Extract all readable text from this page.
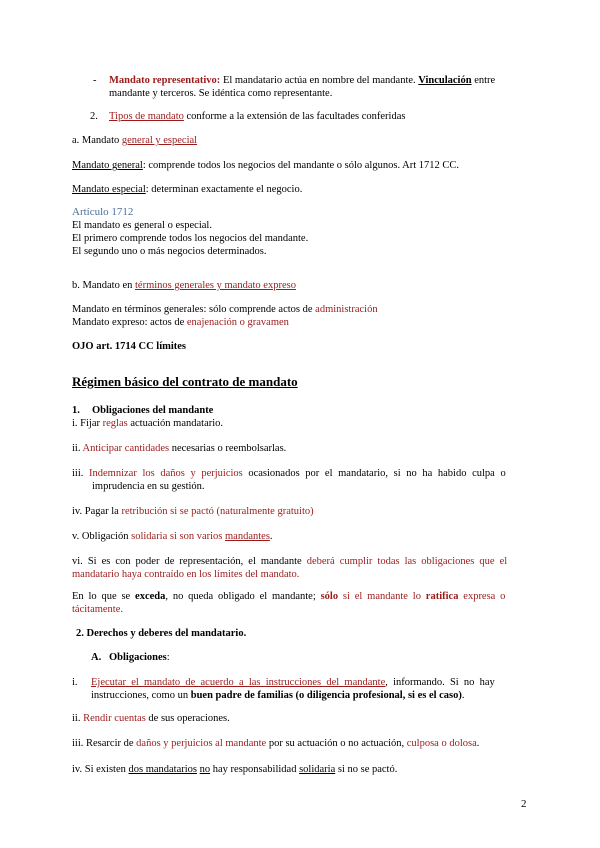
- Mandato representativo: El mandatario actúa en nombre del mandante. Vinculación entre
mandante y terceros. Se idéntica como representante.
2. Tipos de mandato conforme a la extensión de las facultades conferidas
a. Mandato general y especial
Mandato general: comprende todos los negocios del mandante o sólo algunos. Art 1712 CC.
Mandato especial: determinan exactamente el negocio.
Artículo 1712
El mandato es general o especial.
El primero comprende todos los negocios del mandante.
El segundo uno o más negocios determinados.
b. Mandato en términos generales y mandato expreso
Mandato en términos generales: sólo comprende actos de administración
Mandato expreso: actos de enajenación o gravamen
OJO art. 1714 CC límites
Régimen básico del contrato de mandato
1. Obligaciones del mandante
i. Fijar reglas actuación mandatario.
ii. Anticipar cantidades necesarias o reembolsarlas.
iii. Indemnizar los daños y perjuicios ocasionados por el mandatario, si no ha habido culpa o
imprudencia en su gestión.
iv. Pagar la retribución si se pactó (naturalmente gratuito)
v. Obligación solidaria si son varios mandantes.
vi. Si es con poder de representación, el mandante deberá cumplir todas las obligaciones que el
mandatario haya contraído en los límites del mandato.
En lo que se exceda, no queda obligado el mandante; sólo si el mandante lo ratifica expresa o
tácitamente.
2. Derechos y deberes del mandatario.
A. Obligaciones:
i. Ejecutar el mandato de acuerdo a las instrucciones del mandante, informando. Si no hay
instrucciones, como un buen padre de familias (o diligencia profesional, si es el caso).
ii. Rendir cuentas de sus operaciones.
iii. Resarcir de daños y perjuicios al mandante por su actuación o no actuación, culposa o dolosa.
iv. Si existen dos mandatarios no hay responsabilidad solidaria si no se pactó.
2
